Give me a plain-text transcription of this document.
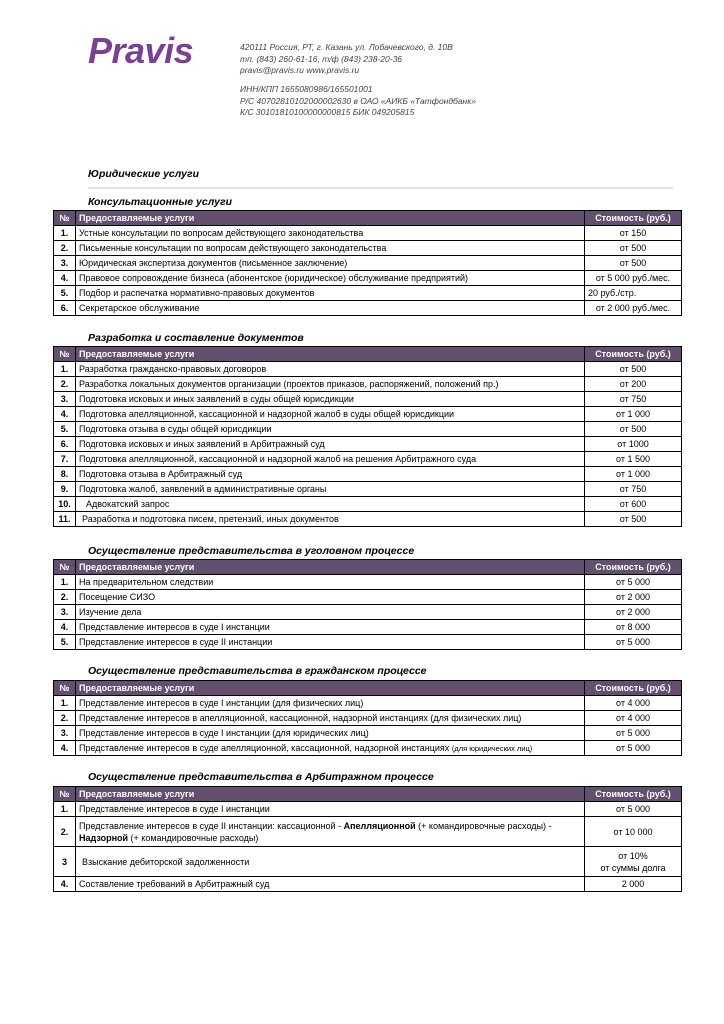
Pravis	420111 Россия, РТ, г. Казань ул. Лобачевского, д. 10В
тп. (843) 260-61-16, т/ф (843) 238-20-36
pravis@pravis.ru www.pravis.ru
ИНН/КПП 1655080986/165501001
Р/С 40702810102000002630 в ОАО «АИКБ «Татфондбанк»
К/С 30101810100000000815 БИК 049205815
Юридические услуги
Консультационные услуги
№	Предоставляемые услуги	Стоимость (руб.)
1.	Устные консультации по вопросам действующего законодательства	от 150
2.	Письменные консультации по вопросам действующего законодательства	от 500
3.	Юридическая экспертиза документов (письменное заключение)	от 500
4.	Правовое сопровождение бизнеса (абонентское (юридическое) обслуживание предприятий)	от 5 000 руб./мес.
5.	Подбор и распечатка нормативно-правовых документов	20 руб./стр.
6.	Секретарское обслуживание	от 2 000 руб./мес.
Разработка и составление документов
№	Предоставляемые услуги	Стоимость (руб.)
1.	Разработка гражданско-правовых договоров	от 500
2.	Разработка локальных документов организации (проектов приказов, распоряжений, положений пр.)	от 200
3.	Подготовка исковых и иных заявлений в суды общей юрисдикции	от 750
4.	Подготовка апелляционной, кассационной и надзорной жалоб в суды общей юрисдикции	от 1 000
5.	Подготовка отзыва в суды общей юрисдикции	от 500
6.	Подготовка исковых и иных заявлений в Арбитражный суд	от 1000
7.	Подготовка апелляционной, кассационной и надзорной жалоб на решения Арбитражного суда	от 1 500
8.	Подготовка отзыва в Арбитражный суд	от 1 000
9.	Подготовка жалоб, заявлений в административные органы	от 750
10.	Адвокатский запрос	от 600
11.	Разработка и подготовка писем, претензий, иных документов	от 500
Осуществление представительства в уголовном процессе
№	Предоставляемые услуги	Стоимость (руб.)
1.	На предварительном следствии	от 5 000
2.	Посещение СИЗО	от 2 000
3.	Изучение дела	от 2 000
4.	Представление интересов в суде I инстанции	от 8 000
5.	Представление интересов в суде II инстанции	от 5 000
Осуществление представительства в гражданском процессе
№	Предоставляемые услуги	Стоимость (руб.)
1.	Представление интересов в суде I инстанции (для физических лиц)	от 4 000
2.	Представление интересов в апелляционной, кассационной, надзорной инстанциях (для физических лиц)	от 4 000
3.	Представление интересов в суде I инстанции (для юридических лиц)	от 5 000
4.	Представление интересов в суде апелляционной, кассационной, надзорной инстанциях (для юридических лиц)	от 5 000
Осуществление представительства в Арбитражном процессе
№	Предоставляемые услуги	Стоимость (руб.)
1.	Представление интересов в суде I инстанции	от 5 000
2.	Представление интересов в суде II инстанции: кассационной - Апелляционной (+ командировочные расходы) - Надзорной (+ командировочные расходы)	от 10 000
3	Взыскание дебиторской задолженности	от 10%
от суммы долга

4.	Составление требований в Арбитражный суд	2 000
